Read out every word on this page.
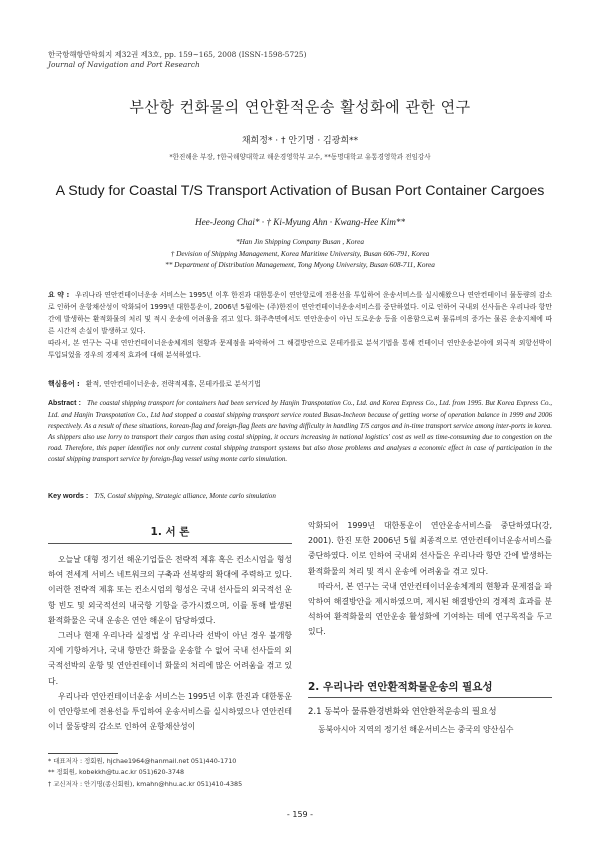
한국항해항만학회지 제32권 제3호, pp. 159~165, 2008 (ISSN-1598-5725)
Journal of Navigation and Port Research
부산항 컨화물의 연안환적운송 활성화에 관한 연구
채희정* · † 안기명 · 김광희**
*한진해운 부장, †한국해양대학교 해운경영학부 교수, **동명대학교 유통경영학과 전임강사
A Study for Coastal T/S Transport Activation of Busan Port Container Cargoes
Hee-Jeong Chai* · † Ki-Myung Ahn · Kwang-Hee Kim**
*Han Jin Shipping Company Busan , Korea
† Devision of Shipping Management, Korea Maritime University, Busan 606-791, Korea
** Department of Distribution Management, Tong Myong University, Busan 608-711, Korea

요 약 : 우리나라 연안컨테이너운송 서비스는 1995년 이후 한진과 대한통운이 연안항로에 전용선을 투입하여 운송서비스를 실시해왔으나 연안컨테이너 물동량의 감소로 인하여 운항채산성이 악화되어 1999년 대한통운이, 2006년 5월에는 (주)한진이 연안컨테이너운송서비스를 중단하였다. 이로 인하여 국내외 선사들은 우리나라 항만간에 발생하는 환적화물의 처리 및 적시 운송에 어려움을 겪고 있다. 화주측면에서도 연안운송이 아닌 도로운송 등을 이용함으로써 물류비의 증가는 물론 운송지체에 따른 시간적 손실이 발생하고 있다.

따라서, 본 연구는 국내 연안컨테이너운송체계의 현황과 문제점을 파악하여 그 해결방안으로 몬테카를로 분석기법을 통해 컨테이너 연안운송분야에 외국적 외항선박이 투입되었을 경우의 경제적 효과에 대해 분석하였다.

핵심용어 : 환적, 연안컨테이너운송, 전략적제휴, 몬테카를로 분석기법
Abstract : The coastal shipping transport for containers had been serviced by Hanjin Transpotation Co., Ltd. and Korea Express Co., Ltd. from 1995. But Korea Express Co., Ltd. and Hanjin Transpotation Co., Ltd had stopped a coastal shipping transport service routed Busan-Incheon because of getting worse of operation balance in 1999 and 2006 respectively. As a result of these situations, korean-flag and foreign-flag fleets are having difficulty in handling T/S cargos and in-time transport service among inter-ports in korea. As shippers also use lorry to transport their cargos than using costal shipping, it occurs increasing in national logistics' cost as well as time-consuming due to congestion on the road. Therefore, this paper identifies not only current costal shipping transport systems but also those problems and analyses a economic effect in case of participation in the costal shipping transport service by foreign-flag vessel using monte carlo simulation.
Key words : T/S, Costal shipping, Strategic alliance, Monte carlo simulation
1. 서 론

오늘날 대형 정기선 해운기업들은 전략적 제휴 혹은 컨소시엄을 형성하여 전세계 서비스 네트워크의 구축과 선복량의 확대에 주력하고 있다. 이러한 전략적 제휴 또는 컨소시엄의 형성은 국내 선사들의 외국적선 운항 빈도 및 외국적선의 내국항 기항을 증가시켰으며, 이를 통해 발생된 환적화물은 국내 운송은 연안 해운이 담당하였다.

그러나 현재 우리나라 실정법 상 우리나라 선박이 아닌 경우 불개항지에 기항하거나, 국내 항만간 화물을 운송할 수 없어 국내 선사들의 외국적선박의 운항 및 연안컨테이너 화물의 처리에 많은 어려움을 겪고 있다.

우리나라 연안컨테이너운송 서비스는 1995년 이후 한진과 대한통운이 연안항로에 전용선을 투입하여 운송서비스를 실시하였으나 연안컨테이너 물동량의 감소로 인하여 운항채산성이

* 대표저자 : 정회원, hjchae1964@hanmail.net 051)440-1710
** 정회원, kobekkh@tu.ac.kr 051)620-3748
† 교신저자 : 안기명(종신회원), kmahn@hhu.ac.kr 051)410-4385

악화되어 1999년 대한통운이 연안운송서비스를 중단하였다(강, 2001). 한진 또한 2006년 5월 최종적으로 연안컨테이너운송서비스를 중단하였다. 이로 인하여 국내외 선사들은 우리나라 항만 간에 발생하는 환적화물의 처리 및 적시 운송에 어려움을 겪고 있다.

따라서, 본 연구는 국내 연안컨테이너운송체계의 현황과 문제점을 파악하여 해결방안을 제시하였으며, 제시된 해결방안의 경제적 효과를 분석하여 환적화물의 연안운송 활성화에 기여하는 데에 연구목적을 두고 있다.

2. 우리나라 연안환적화물운송의 필요성
2.1 동북아 물류환경변화와 연안환적운송의 필요성

동북아시아 지역의 정기선 해운서비스는 중국의 양산심수

- 159 -
